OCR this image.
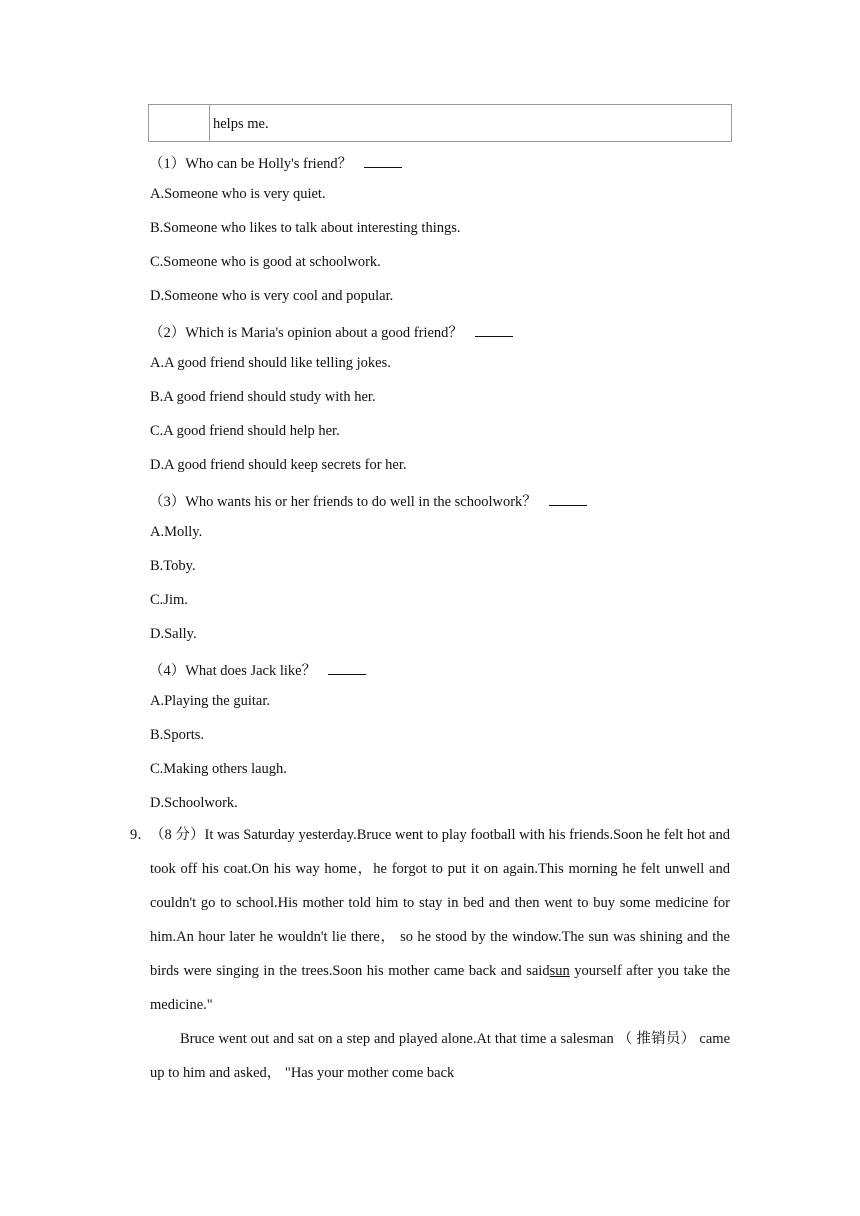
helps me.
（1）Who can be Holly's friend？
A.Someone who is very quiet.
B.Someone who likes to talk about interesting things.
C.Someone who is good at schoolwork.
D.Someone who is very cool and popular.
（2）Which is Maria's opinion about a good friend？
A.A good friend should like telling jokes.
B.A good friend should study with her.
C.A good friend should help her.
D.A good friend should keep secrets for her.
（3）Who wants his or her friends to do well in the schoolwork？
A.Molly.
B.Toby.
C.Jim.
D.Sally.
（4）What does Jack like？
A.Playing the guitar.
B.Sports.
C.Making others laugh.
D.Schoolwork.
9．
（8 分）It was Saturday yesterday.Bruce went to play football with his friends.Soon he felt hot and took off his coat.On his way home，he forgot to put it on again.This morning he felt unwell and couldn't go to school.His mother told him to stay in bed and then went to buy some medicine for him.An hour later he wouldn't lie there， so he stood by the window.The sun was shining and the birds were singing in the trees.Soon his mother came back and saidsun yourself after you take the medicine."
Bruce went out and sat on a step and played alone.At that time a salesman （ 推销员） came up to him and asked， "Has your mother come back
